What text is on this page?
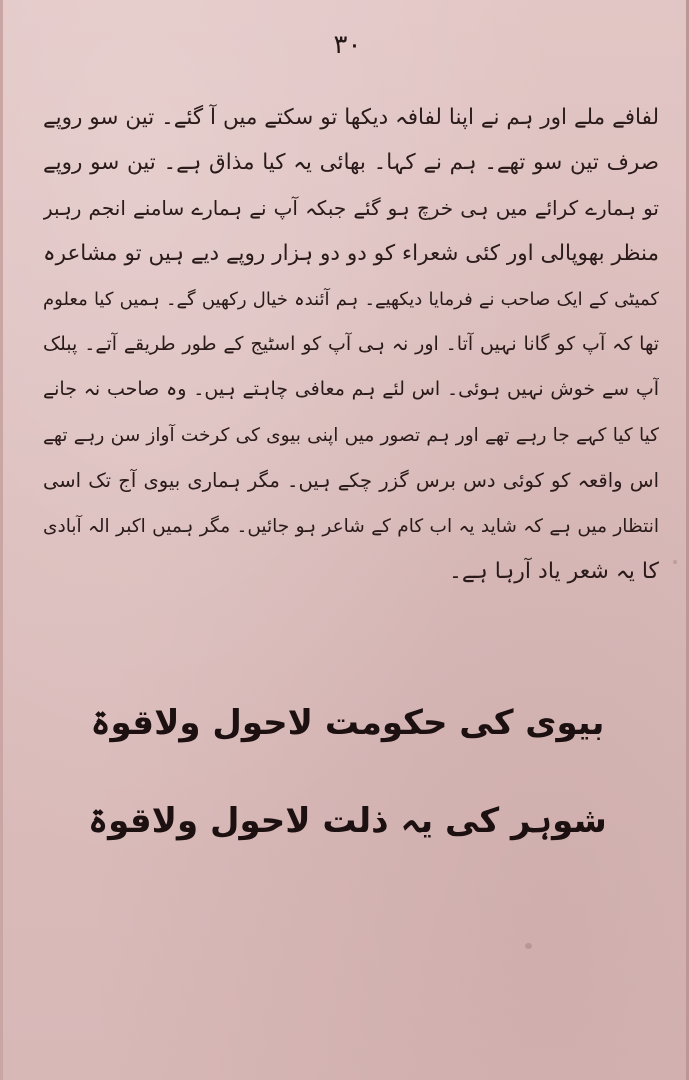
۳۰
لفافے ملے اور ہم نے اپنا لفافہ دیکھا تو سکتے میں آ گئے۔ تین سو روپے
صرف تین سو تھے۔ ہم نے کہا۔ بھائی یہ کیا مذاق ہے۔ تین سو روپے
تو ہمارے کرائے میں ہی خرچ ہو گئے جبکہ آپ نے ہمارے سامنے انجم رہبر
منظر بھوپالی اور کئی شعراء کو دو دو ہزار روپے دیے ہیں تو مشاعرہ
کمیٹی کے ایک صاحب نے فرمایا دیکھیے۔ ہم آئندہ خیال رکھیں گے۔ ہمیں کیا معلوم
تھا کہ آپ کو گانا نہیں آتا۔ اور نہ ہی آپ کو اسٹیج کے طور طریقے آتے۔ پبلک
آپ سے خوش نہیں ہوئی۔ اس لئے ہم معافی چاہتے ہیں۔ وہ صاحب نہ جانے
کیا کیا کہے جا رہے تھے اور ہم تصور میں اپنی بیوی کی کرخت آواز سن رہے تھے
اس واقعہ کو کوئی دس برس گزر چکے ہیں۔ مگر ہماری بیوی آج تک اسی
انتظار میں ہے کہ شاید یہ اب کام کے شاعر ہو جائیں۔ مگر ہمیں اکبر الہ آبادی
کا یہ شعر یاد آرہا ہے۔
بیوی کی حکومت لاحول ولاقوۃ
شوہر کی یہ ذلت لاحول ولاقوۃ
